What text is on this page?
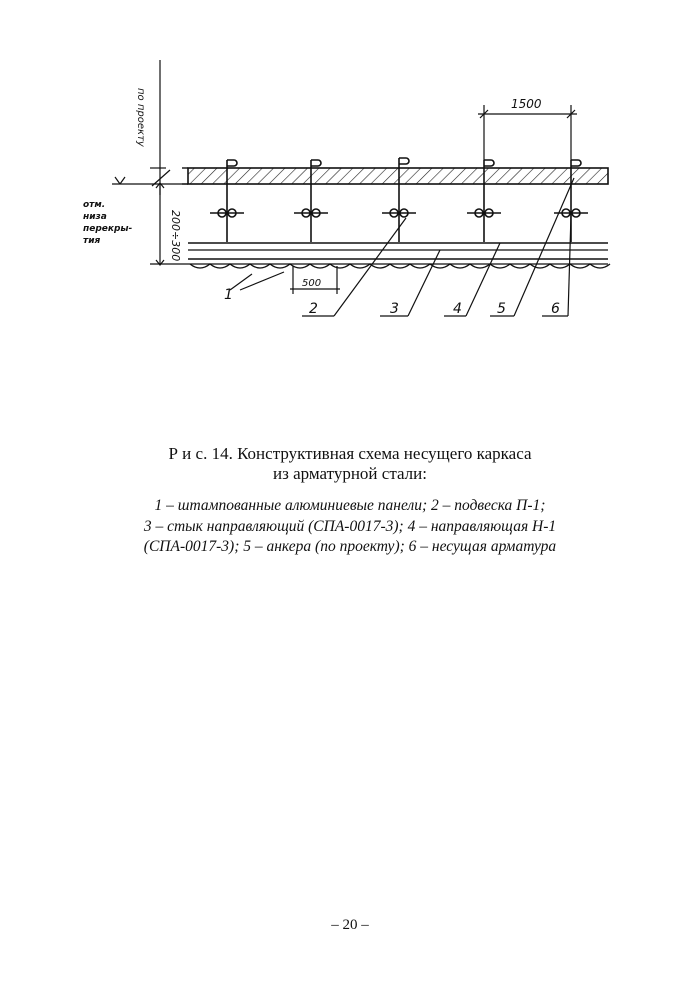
по проекту
отм.
низа
перекры-
тия	200÷300
1500
500
1
2	3	4	5	6

Р и с. 14. Конструктивная схема несущего каркаса

из арматурной стали:

1 – штампованные алюминиевые панели; 2 – подвеска П-1;
3 – стык направляющий (СПА-0017-3); 4 – направляющая Н-1
(СПА-0017-3); 5 – анкера (по проекту); 6 – несущая арматура
– 20 –
